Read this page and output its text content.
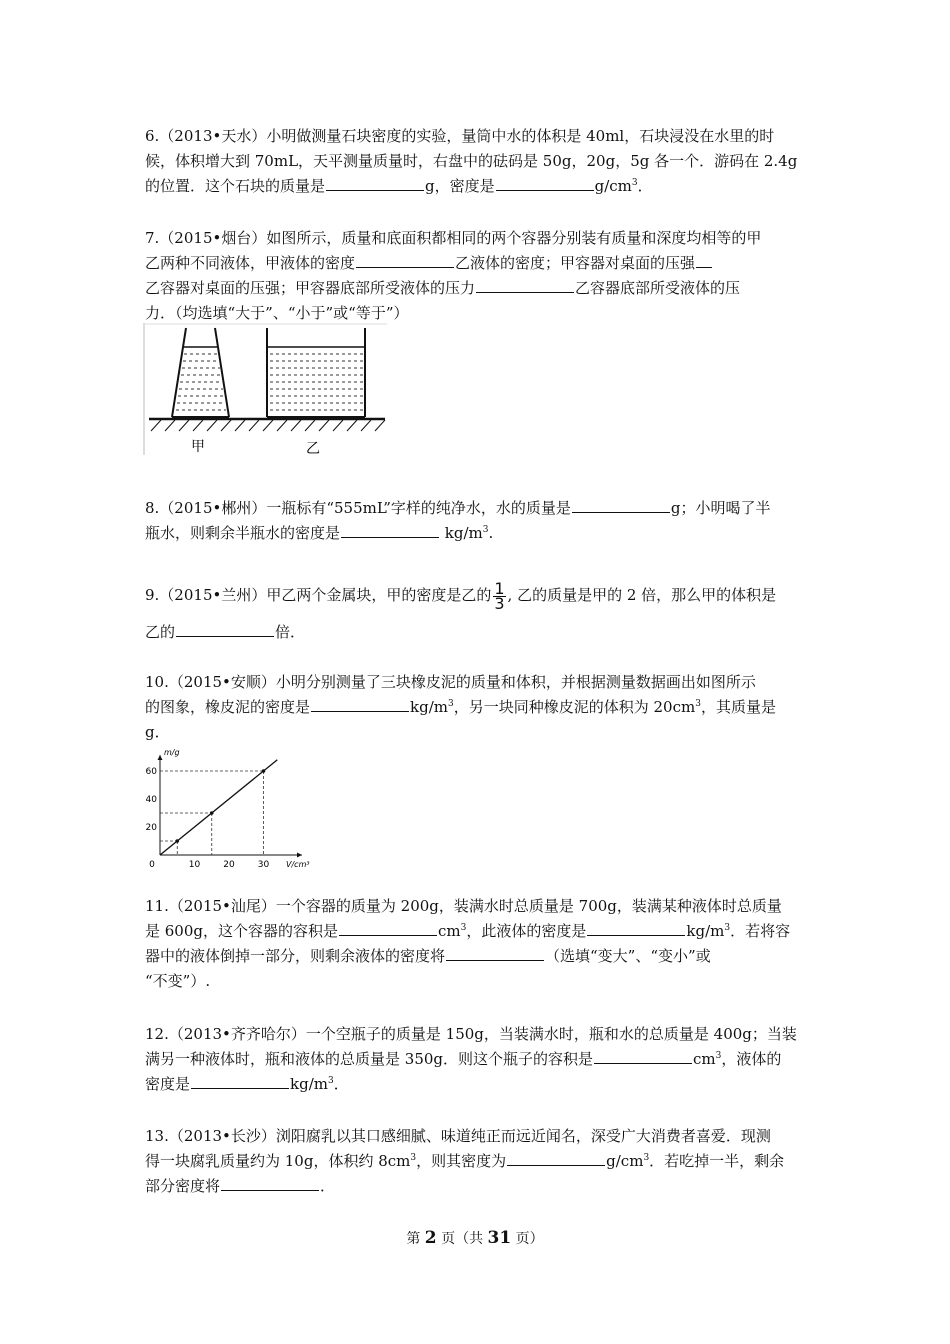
6.（2013•天水）小明做测量石块密度的实验，量筒中水的体积是 40ml，石块浸没在水里的时
候，体积增大到 70mL，天平测量质量时，右盘中的砝码是 50g，20g，5g 各一个．游码在 2.4g
的位置．这个石块的质量是	g，密度是	$g/cm^3$．
7.（2015•烟台）如图所示，质量和底面积都相同的两个容器分别装有质量和深度均相等的甲
乙两种不同液体，甲液体的密度	乙液体的密度；甲容器对桌面的压强
乙容器对桌面的压强；甲容器底部所受液体的压力	乙容器底部所受液体的压
力．（均选填“大于”、“小于”或“等于”）
甲	乙
8.（2015•郴州）一瓶标有“555mL”字样的纯净水，水的质量是	g；小明喝了半
瓶水，则剩余半瓶水的密度是	$kg/m^3$.
9.（2015•兰州）甲乙两个金属块，甲的密度是乙的 $\frac{1}{3}$ , 乙的质量是甲的 2 倍，那么甲的体积是
乙的	倍．
10.（2015•安顺）小明分别测量了三块橡皮泥的质量和体积，并根据测量数据画出如图所示
的图象，橡皮泥的密度是	$kg/m^3$，另一块同种橡皮泥的体积为 $20cm^3$，其质量是
g．
20
40
60
0	10	20	30
m/g
V/cm³
11.（2015•汕尾）一个容器的质量为 200g，装满水时总质量是 700g，装满某种液体时总质量
是 600g，这个容器的容积是	$cm^3$，此液体的密度是	$kg/m^3$．若将容
器中的液体倒掉一部分，则剩余液体的密度将	（选填“变大”、“变小”或
“不变”）.
12.（2013•齐齐哈尔）一个空瓶子的质量是 150g，当装满水时，瓶和水的总质量是 400g；当装
满另一种液体时，瓶和液体的总质量是 350g．则这个瓶子的容积是	$cm^3$，液体的
密度是	$kg/m^3$．
13.（2013•长沙）浏阳腐乳以其口感细腻、味道纯正而远近闻名，深受广大消费者喜爱．现测
得一块腐乳质量约为 10g，体积约 $8cm^3$，则其密度为	$g/cm^3$．若吃掉一半，剩余
部分密度将	．
第 2 页（共 31 页）
